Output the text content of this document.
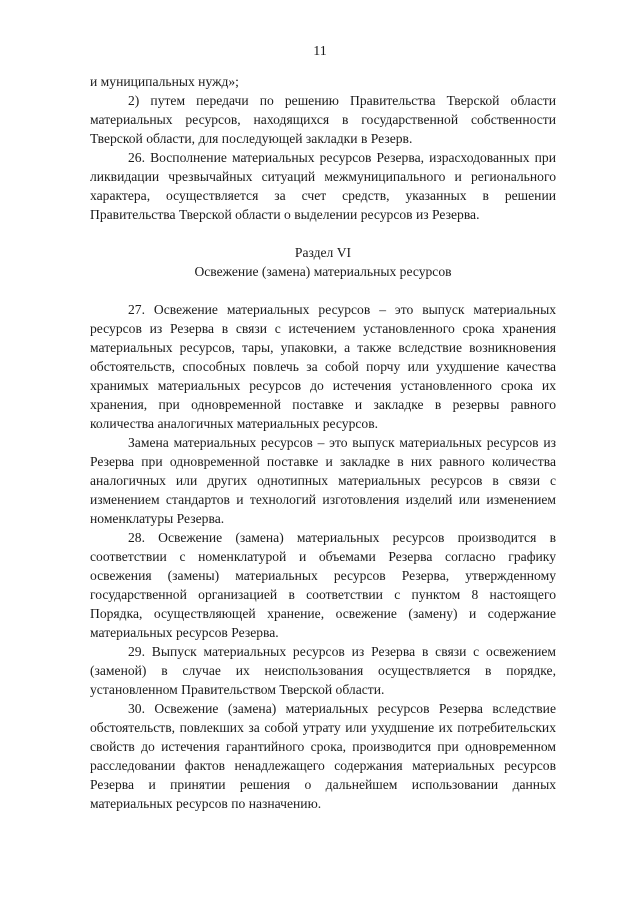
11

и муниципальных нужд»;

2) путем передачи по решению Правительства Тверской области материальных ресурсов, находящихся в государственной собственности Тверской области, для последующей закладки в Резерв.

26. Восполнение материальных ресурсов Резерва, израсходованных при ликвидации чрезвычайных ситуаций межмуниципального и регионального характера, осуществляется за счет средств, указанных в решении Правительства Тверской области о выделении ресурсов из Резерва.

Раздел VI

Освежение (замена) материальных ресурсов

27. Освежение материальных ресурсов – это выпуск материальных ресурсов из Резерва в связи с истечением установленного срока хранения материальных ресурсов, тары, упаковки, а также вследствие возникновения обстоятельств, способных повлечь за собой порчу или ухудшение качества хранимых материальных ресурсов до истечения установленного срока их хранения, при одновременной поставке и закладке в резервы равного количества аналогичных материальных ресурсов.

Замена материальных ресурсов – это выпуск материальных ресурсов из Резерва при одновременной поставке и закладке в них равного количества аналогичных или других однотипных материальных ресурсов в связи с изменением стандартов и технологий изготовления изделий или изменением номенклатуры Резерва.

28. Освежение (замена) материальных ресурсов производится в соответствии с номенклатурой и объемами Резерва согласно графику освежения (замены) материальных ресурсов Резерва, утвержденному государственной организацией в соответствии с пунктом 8 настоящего Порядка, осуществляющей хранение, освежение (замену) и содержание материальных ресурсов Резерва.

29. Выпуск материальных ресурсов из Резерва в связи с освежением (заменой) в случае их неиспользования осуществляется в порядке, установленном Правительством Тверской области.

30. Освежение (замена) материальных ресурсов Резерва вследствие обстоятельств, повлекших за собой утрату или ухудшение их потребительских свойств до истечения гарантийного срока, производится при одновременном расследовании фактов ненадлежащего содержания материальных ресурсов Резерва и принятии решения о дальнейшем использовании данных материальных ресурсов по назначению.
